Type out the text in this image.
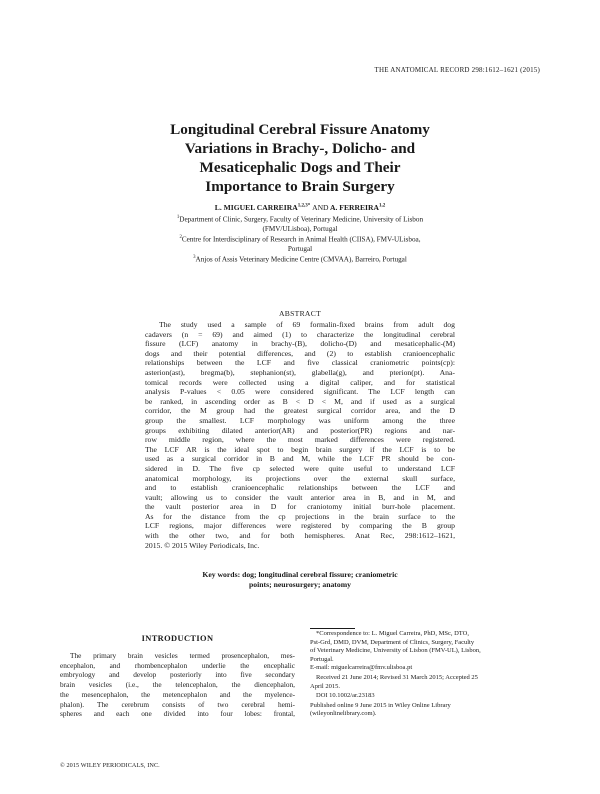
THE ANATOMICAL RECORD 298:1612–1621 (2015)
Longitudinal Cerebral Fissure Anatomy
Variations in Brachy-, Dolicho- and
Mesaticephalic Dogs and Their
Importance to Brain Surgery
L. MIGUEL $CARREIRA^{1,2,3*}$ AND A. FERREIRA$^{1,2}$
$^1$Department of Clinic, Surgery, Faculty of Veterinary Medicine, University of Lisbon
(FMV/ULisboa), Portugal
$^2$Centre for Interdisciplinary of Research in Animal Health (CIISA), FMV-ULisboa,
Portugal
$^3$Anjos of Assis Veterinary Medicine Centre (CMVAA), Barreiro, Portugal
ABSTRACT
The study used a sample of 69 formalin-fixed brains from adult dog
cadavers (n = 69) and aimed (1) to characterize the longitudinal cerebral
fissure (LCF) anatomy in brachy-(B), dolicho-(D) and mesaticephalic-(M)
dogs and their potential differences, and (2) to establish cranioencephalic
relationships between the LCF and five classical craniometric points(cp):
asterion(ast), bregma(b), stephanion(st), glabella(g), and pterion(pt). Ana-
tomical records were collected using a digital caliper, and for statistical
analysis P-values < 0.05 were considered significant. The LCF length can
be ranked, in ascending order as B < D < M, and if used as a surgical
corridor, the M group had the greatest surgical corridor area, and the D
group the smallest. LCF morphology was uniform among the three
groups exhibiting dilated anterior(AR) and posterior(PR) regions and nar-
row middle region, where the most marked differences were registered.
The LCF AR is the ideal spot to begin brain surgery if the LCF is to be
used as a surgical corridor in B and M, while the LCF PR should be con-
sidered in D. The five cp selected were quite useful to understand LCF
anatomical morphology, its projections over the external skull surface,
and to establish cranioencephalic relationships between the LCF and
vault; allowing us to consider the vault anterior area in B, and in M, and
the vault posterior area in D for craniotomy initial burr-hole placement.
As for the distance from the cp projections in the brain surface to the
LCF regions, major differences were registered by comparing the B group
with the other two, and for both hemispheres. Anat Rec, 298:1612–1621,
2015. © 2015 Wiley Periodicals, Inc.
Key words: dog; longitudinal cerebral fissure; craniometric
points; neurosurgery; anatomy
INTRODUCTION
The primary brain vesicles termed prosencephalon, mes-
encephalon, and rhombencephalon underlie the encephalic
embryology and develop posteriorly into five secondary
brain vesicles (i.e., the telencephalon, the diencephalon,
the mesencephalon, the metencephalon and the myelence-
phalon). The cerebrum consists of two cerebral hemi-
spheres and each one divided into four lobes: frontal,
*Correspondence to: L. Miguel Carreira, PhD, MSc, DTO,
Pst-Grd, DMD, DVM, Department of Clinics, Surgery, Faculty
of Veterinary Medicine, University of Lisbon (FMV-UL), Lisbon,
Portugal.
E-mail: miguelcarreira@fmv.ulisboa.pt
Received 21 June 2014; Revised 31 March 2015; Accepted 25
April 2015.
DOI 10.1002/ar.23183
Published online 9 June 2015 in Wiley Online Library
(wileyonlinelibrary.com).
© 2015 WILEY PERIODICALS, INC.
